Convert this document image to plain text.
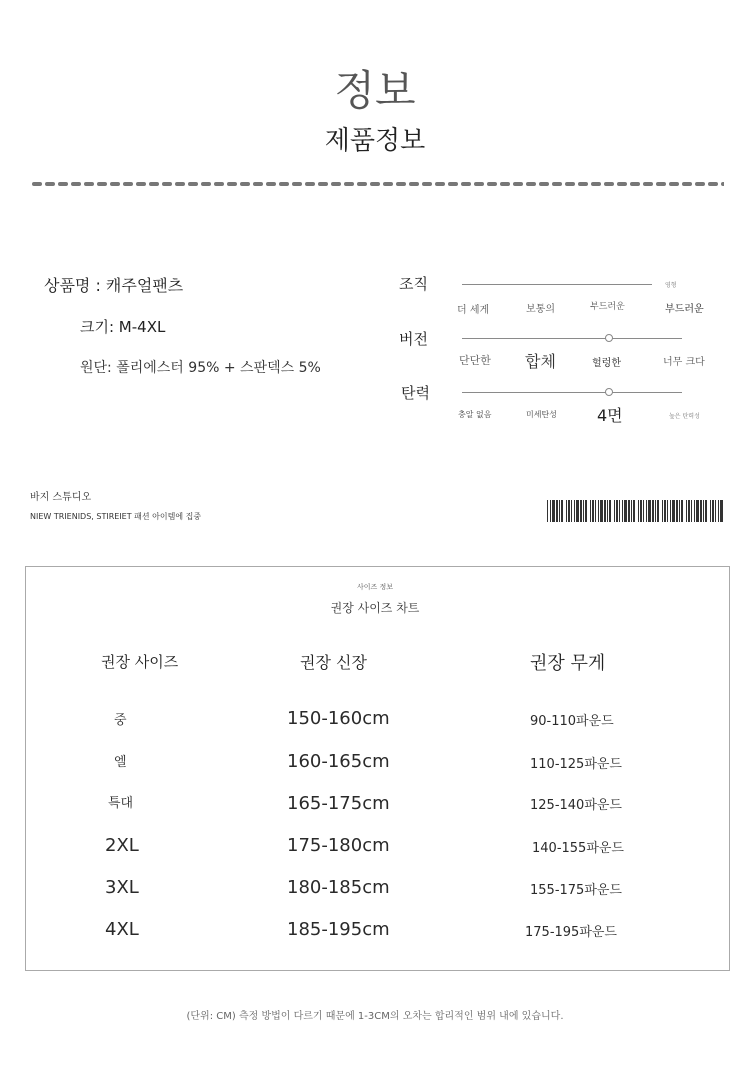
정보
제품정보
상품명 : 캐주얼팬츠
크기: M-4XL
원단: 폴리에스터 95% + 스판덱스 5%
조직	영형
더 세게	보통의	부드러운	부드러운
버전
단단한 합체	헐렁한	너무 크다
탄력
충알 없음	미세탄성	4면	높은 탄력성
바지 스튜디오
NIEW TRIENIDS, STIREIET 패션 아이템에 집중
사이즈 정보
권장 사이즈 차트
권장 사이즈	권장 신장	권장 무게
중	150-160cm	90-110파운드
엘	160-165cm	110-125파운드
특대	165-175cm	125-140파운드
2XL	175-180cm	140-155파운드
3XL	180-185cm	155-175파운드
4XL	185-195cm	175-195파운드
(단위: CM) 측정 방법이 다르기 때문에 1-3CM의 오차는 합리적인 범위 내에 있습니다.
